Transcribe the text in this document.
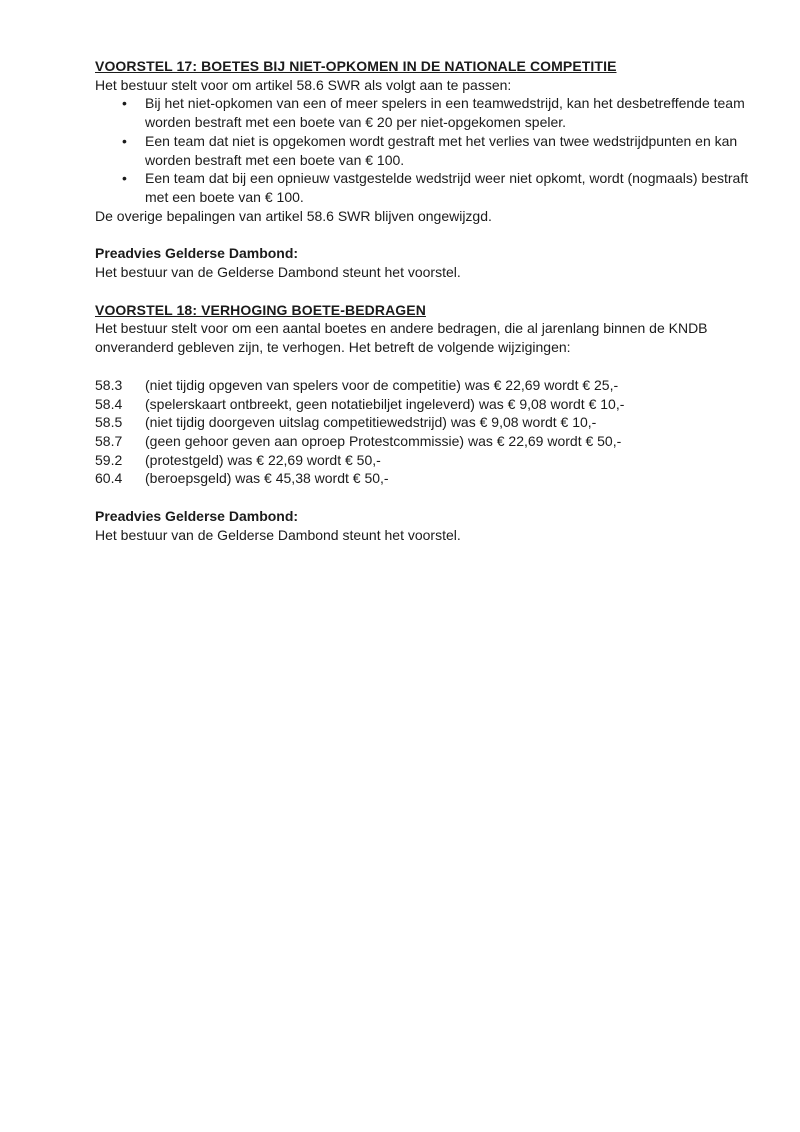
VOORSTEL 17: BOETES BIJ NIET-OPKOMEN IN DE NATIONALE COMPETITIE

Het bestuur stelt voor om artikel 58.6 SWR als volgt aan te passen:

• Bij het niet-opkomen van een of meer spelers in een teamwedstrijd, kan het desbetreffende team worden bestraft met een boete van € 20 per niet-opgekomen speler.
• Een team dat niet is opgekomen wordt gestraft met het verlies van twee wedstrijdpunten en kan worden bestraft met een boete van € 100.
• Een team dat bij een opnieuw vastgestelde wedstrijd weer niet opkomt, wordt (nogmaals) bestraft met een boete van € 100.

De overige bepalingen van artikel 58.6 SWR blijven ongewijzgd.

Preadvies Gelderse Dambond:

Het bestuur van de Gelderse Dambond steunt het voorstel.

VOORSTEL 18: VERHOGING BOETE-BEDRAGEN

Het bestuur stelt voor om een aantal boetes en andere bedragen, die al jarenlang binnen de KNDB onveranderd gebleven zijn, te verhogen. Het betreft de volgende wijzigingen:

58.3	(niet tijdig opgeven van spelers voor de competitie) was € 22,69 wordt € 25,-
58.4	(spelerskaart ontbreekt, geen notatiebiljet ingeleverd) was € 9,08 wordt € 10,-
58.5	(niet tijdig doorgeven uitslag competitiewedstrijd) was € 9,08 wordt € 10,-
58.7	(geen gehoor geven aan oproep Protestcommissie) was € 22,69 wordt € 50,-
59.2	(protestgeld) was € 22,69 wordt € 50,-
60.4	(beroepsgeld) was € 45,38 wordt € 50,-

Preadvies Gelderse Dambond:

Het bestuur van de Gelderse Dambond steunt het voorstel.
